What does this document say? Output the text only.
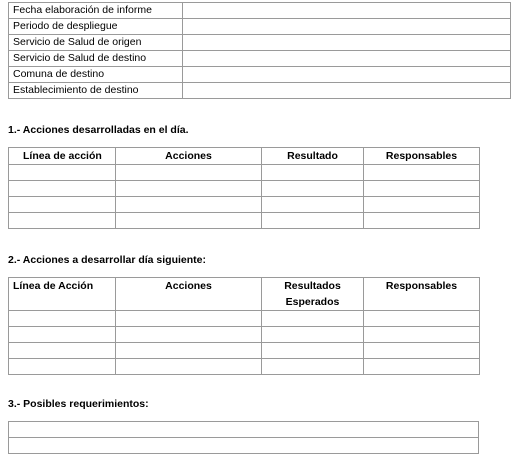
Fecha elaboración de informe	
Periodo de despliegue	
Servicio de Salud de origen	
Servicio de Salud de destino	
Comuna de destino	
Establecimiento de destino	
1.- Acciones desarrolladas en el día.
Línea de acción	Acciones	Resultado	Responsables

2.- Acciones a desarrollar día siguiente:
Línea de Acción	Acciones	Resultados Esperados	Responsables

3.- Posibles requerimientos:
